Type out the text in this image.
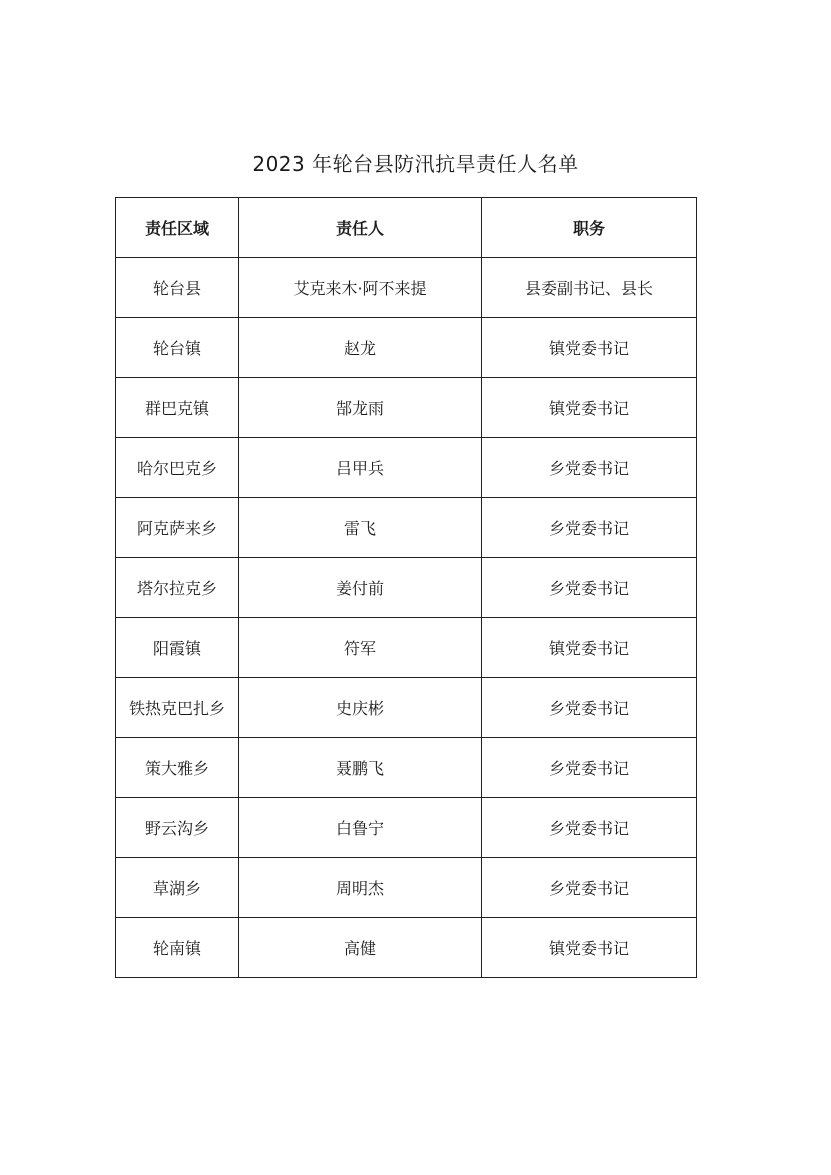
2023 年轮台县防汛抗旱责任人名单
责任区域	责任人	职务
轮台县	艾克来木·阿不来提	县委副书记、县长
轮台镇	赵龙	镇党委书记
群巴克镇	郜龙雨	镇党委书记
哈尔巴克乡	吕甲兵	乡党委书记
阿克萨来乡	雷飞	乡党委书记
塔尔拉克乡	姜付前	乡党委书记
阳霞镇	符军	镇党委书记
铁热克巴扎乡	史庆彬	乡党委书记
策大雅乡	聂鹏飞	乡党委书记
野云沟乡	白鲁宁	乡党委书记
草湖乡	周明杰	乡党委书记
轮南镇	高健	镇党委书记
